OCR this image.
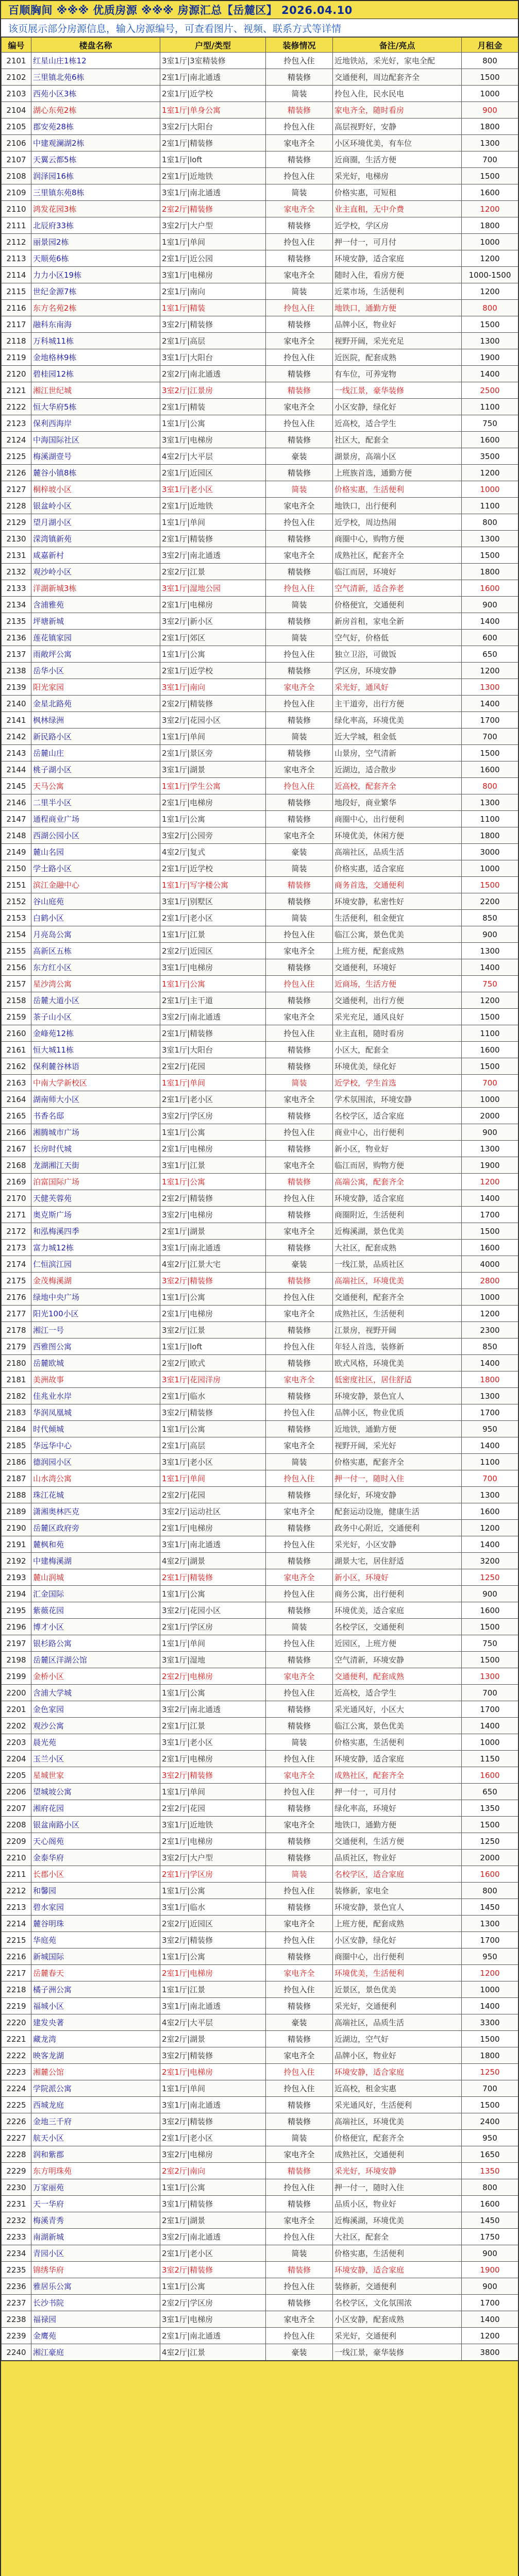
百顺胸间 ※※※ 优质房源 ※※※ 房源汇总【岳麓区】 2026.04.10
该页展示部分房源信息，输入房源编号，可查看图片、视频、联系方式等详情
编号	楼盘名称	户型/类型	装修情况	备注/亮点	月租金
2101	红星山庄1栋12	3室1厅|3室精装修	拎包入住	近地铁站，采光好，家电全配	800
2102	三里镇北苑6栋	2室1厅|南北通透	精装修	交通便利，周边配套齐全	1500
2103	西苑小区3栋	2室1厅|近学校	简装	拎包入住，民水民电	1000
2104	湖心东苑2栋	1室1厅|单身公寓	精装修	家电齐全，随时看房	900
2105	郡安苑28栋	3室2厅|大阳台	拎包入住	高层视野好，安静	1800
2106	中建观澜湖2栋	2室1厅|精装修	家电齐全	小区环境优美，有车位	1300
2107	天翼云都5栋	1室1厅|loft	精装修	近商圈，生活方便	700
2108	润泽园16栋	2室1厅|近地铁	拎包入住	采光好，电梯房	1500
2109	三里镇东苑8栋	3室1厅|南北通透	简装	价格实惠，可短租	1600
2110	鸿发花园3栋	2室2厅|精装修	家电齐全	业主直租，无中介费	1200
2111	北辰府33栋	3室2厅|大户型	精装修	近学校，学区房	1800
2112	丽景园2栋	1室1厅|单间	拎包入住	押一付一，可月付	1000
2113	天顺苑6栋	2室1厅|近公园	精装修	环境安静，适合家庭	1200
2114	力力小区19栋	3室1厅|电梯房	家电齐全	随时入住，看房方便	1000-1500
2115	世纪金源7栋	2室1厅|南向	简装	近菜市场，生活便利	1200
2116	东方名苑2栋	1室1厅|精装	拎包入住	地铁口，通勤方便	800
2117	融科东南海	3室2厅|精装修	精装修	品牌小区，物业好	1500
2118	万科城11栋	2室1厅|高层	家电齐全	视野开阔，采光充足	1300
2119	金地格林9栋	3室1厅|大阳台	拎包入住	近医院，配套成熟	1900
2120	碧桂园12栋	2室2厅|南北通透	精装修	有车位，可养宠物	1400
2121	湘江世纪城	3室2厅|江景房	精装修	一线江景，豪华装修	2500
2122	恒大华府5栋	2室1厅|精装	家电齐全	小区安静，绿化好	1100
2123	保利西海岸	1室1厅|公寓	拎包入住	近高校，适合学生	750
2124	中海国际社区	3室1厅|电梯房	精装修	社区大，配套全	1600
2125	梅溪湖壹号	4室2厅|大平层	豪装	湖景房，高端小区	3500
2126	麓谷小镇8栋	2室1厅|近园区	精装修	上班族首选，通勤方便	1200
2127	桐梓坡小区	3室1厅|老小区	简装	价格实惠，生活便利	1000
2128	银盆岭小区	2室1厅|近地铁	家电齐全	地铁口，出行便利	1100
2129	望月湖小区	1室1厅|单间	拎包入住	近学校，周边热闹	800
2130	溁湾镇新苑	2室1厅|精装修	精装修	商圈中心，购物方便	1300
2131	咸嘉新村	3室2厅|南北通透	家电齐全	成熟社区，配套齐全	1500
2132	观沙岭小区	2室2厅|江景	精装修	临江而居，环境好	1800
2133	洋湖新城3栋	3室1厅|湿地公园	拎包入住	空气清新，适合养老	1600
2134	含浦雅苑	2室1厅|电梯房	简装	价格便宜，交通便利	900
2135	坪塘新城	3室2厅|新小区	精装修	新房首租，家电全新	1400
2136	莲花镇家园	2室1厅|郊区	简装	空气好，价格低	600
2137	雨敞坪公寓	1室1厅|公寓	拎包入住	独立卫浴，可做饭	650
2138	岳华小区	2室1厅|近学校	精装修	学区房，环境安静	1200
2139	阳光家园	3室1厅|南向	家电齐全	采光好，通风好	1300
2140	金星北路苑	2室2厅|精装修	拎包入住	主干道旁，出行方便	1400
2141	枫林绿洲	3室2厅|花园小区	精装修	绿化率高，环境优美	1700
2142	新民路小区	1室1厅|单间	简装	近大学城，租金低	700
2143	岳麓山庄	2室1厅|景区旁	精装修	山景房，空气清新	1500
2144	桃子湖小区	3室1厅|湖景	家电齐全	近湖边，适合散步	1600
2145	天马公寓	1室1厅|学生公寓	拎包入住	近高校，配套齐全	800
2146	二里半小区	2室1厅|电梯房	精装修	地段好，商业繁华	1300
2147	通程商业广场	1室1厅|公寓	精装修	商圈中心，出行便利	1100
2148	西湖公园小区	3室2厅|公园旁	家电齐全	环境优美，休闲方便	1800
2149	麓山名园	4室2厅|复式	豪装	高端社区，品质生活	3000
2150	学士路小区	2室1厅|近学校	简装	价格实惠，适合家庭	1000
2151	滨江金融中心	1室1厅|写字楼公寓	精装修	商务首选，交通便利	1500
2152	谷山庭苑	3室1厅|别墅区	精装修	环境安静，私密性好	2200
2153	白鹤小区	2室1厅|老小区	简装	生活便利，租金便宜	850
2154	月亮岛公寓	1室1厅|江景	拎包入住	临江公寓，景色优美	900
2155	高新区五栋	2室2厅|近园区	家电齐全	上班方便，配套成熟	1300
2156	东方红小区	3室1厅|电梯房	精装修	交通便利，环境好	1400
2157	星沙湾公寓	1室1厅|公寓	拎包入住	近商场，生活方便	750
2158	岳麓大道小区	2室1厅|主干道	精装修	交通便利，出行方便	1200
2159	茶子山小区	3室2厅|南北通透	家电齐全	采光充足，通风良好	1500
2160	金峰苑12栋	2室1厅|精装修	拎包入住	业主直租，随时看房	1100
2161	恒大城11栋	3室1厅|大阳台	精装修	小区大，配套全	1600
2162	保利麓谷林语	2室2厅|花园	精装修	环境优美，绿化好	1500
2163	中南大学新校区	1室1厅|单间	简装	近学校，学生首选	700
2164	湖南师大小区	2室1厅|老小区	家电齐全	学术氛围浓，环境安静	1000
2165	书香名邸	3室2厅|学区房	精装修	名校学区，适合家庭	2000
2166	湘腾城市广场	1室1厅|公寓	拎包入住	商业中心，出行便利	900
2167	长房时代城	2室1厅|电梯房	精装修	新小区，物业好	1300
2168	龙湖湘江天街	3室1厅|江景	家电齐全	临江而居，购物方便	1900
2169	泊富国际广场	1室1厅|公寓	精装修	高端公寓，配套齐全	1200
2170	天健芙蓉苑	2室2厅|精装修	拎包入住	环境安静，适合家庭	1400
2171	奥克斯广场	3室2厅|电梯房	精装修	商圈附近，生活便利	1700
2172	和泓梅溪四季	2室1厅|湖景	家电齐全	近梅溪湖，景色优美	1500
2173	富力城12栋	3室1厅|南北通透	精装修	大社区，配套成熟	1600
2174	仁恒滨江园	4室2厅|江景大宅	豪装	一线江景，品质社区	4000
2175	金茂梅溪湖	3室2厅|精装修	精装修	高端社区，环境优美	2800
2176	绿地中央广场	1室1厅|公寓	拎包入住	交通便利，配套齐全	1000
2177	阳光100小区	2室1厅|电梯房	家电齐全	成熟社区，生活便利	1200
2178	湘江一号	3室2厅|江景	精装修	江景房，视野开阔	2300
2179	西雅图公寓	1室1厅|loft	拎包入住	年轻人首选，装修新	850
2180	岳麓欧城	2室2厅|欧式	精装修	欧式风格，环境优美	1400
2181	美洲故事	3室1厅|花园洋房	家电齐全	低密度社区，居住舒适	1800
2182	佳兆业水岸	2室1厅|临水	精装修	环境安静，景色宜人	1300
2183	华润凤凰城	3室2厅|精装修	拎包入住	品牌小区，物业优质	1700
2184	时代倾城	1室1厅|公寓	精装修	近地铁，通勤方便	950
2185	华远华中心	2室1厅|高层	家电齐全	视野开阔，采光好	1400
2186	德润园小区	3室1厅|老小区	简装	价格实惠，配套齐全	1100
2187	山水湾公寓	1室1厅|单间	拎包入住	押一付一，随时入住	700
2188	珠江花城	2室2厅|花园	精装修	绿化好，环境安静	1300
2189	潇湘奥林匹克	3室2厅|运动社区	家电齐全	配套运动设施，健康生活	1600
2190	岳麓区政府旁	2室1厅|电梯房	精装修	政务中心附近，交通便利	1200
2191	麓枫和苑	3室1厅|南北通透	拎包入住	采光好，小区安静	1400
2192	中建梅溪湖	4室2厅|湖景	精装修	湖景大宅，居住舒适	3200
2193	麓山润城	2室1厅|精装修	家电齐全	新小区，环境好	1250
2194	汇金国际	1室1厅|公寓	拎包入住	商务公寓，出行便利	900
2195	紫薇花园	3室2厅|花园小区	精装修	环境优美，适合家庭	1600
2196	博才小区	2室1厅|学区房	简装	名校学区，交通便利	1500
2197	银杉路公寓	1室1厅|单间	拎包入住	近园区，上班方便	750
2198	岳麓区洋湖公馆	3室1厅|湿地	精装修	空气清新，环境安静	1500
2199	金桥小区	2室2厅|电梯房	家电齐全	交通便利，配套成熟	1300
2200	含浦大学城	1室1厅|公寓	拎包入住	近高校，适合学生	700
2201	金色家园	3室2厅|南北通透	精装修	采光通风好，小区大	1700
2202	观沙公寓	2室1厅|江景	精装修	临江公寓，景色优美	1400
2203	晨光苑	3室1厅|老小区	简装	价格实惠，生活便利	1000
2204	玉兰小区	2室1厅|电梯房	拎包入住	环境安静，适合家庭	1150
2205	星城世家	3室2厅|精装修	家电齐全	成熟社区，配套齐全	1600
2206	望城坡公寓	1室1厅|单间	拎包入住	押一付一，可月付	650
2207	湘府花园	2室2厅|花园	精装修	绿化率高，环境好	1350
2208	银盆南路小区	3室1厅|近地铁	家电齐全	地铁口，通勤方便	1500
2209	天心阁苑	2室1厅|电梯房	精装修	交通便利，生活方便	1250
2210	金泰华府	3室2厅|大户型	精装修	品质社区，物业好	2000
2211	长郡小区	2室1厅|学区房	简装	名校学区，适合家庭	1600
2212	和馨园	1室1厅|公寓	拎包入住	装修新，家电全	800
2213	碧水家园	3室1厅|临水	精装修	环境安静，景色宜人	1450
2214	麓谷明珠	2室2厅|近园区	家电齐全	上班方便，配套成熟	1300
2215	华庭苑	3室2厅|精装修	拎包入住	小区安静，绿化好	1700
2216	新城国际	1室1厅|公寓	精装修	商圈中心，出行便利	950
2217	岳麓春天	2室1厅|电梯房	家电齐全	环境优美，生活便利	1200
2218	橘子洲公寓	1室1厅|江景	拎包入住	近景区，景色优美	1000
2219	福城小区	3室1厅|南北通透	精装修	采光好，交通便利	1400
2220	建发央著	4室2厅|大平层	豪装	高端社区，品质生活	3300
2221	藏龙湾	2室2厅|湖景	精装修	近湖边，空气好	1500
2222	映客龙湖	3室2厅|精装修	家电齐全	品牌小区，物业好	1800
2223	湘麓公馆	2室1厅|电梯房	拎包入住	环境安静，适合家庭	1250
2224	学院派公寓	1室1厅|单间	拎包入住	近高校，租金实惠	700
2225	西城龙庭	3室1厅|南北通透	精装修	采光通风好，生活便利	1500
2226	金地三千府	3室2厅|精装修	精装修	高端社区，环境优美	2400
2227	航天小区	2室1厅|老小区	简装	价格便宜，配套齐全	950
2228	润和紫郡	3室2厅|电梯房	家电齐全	成熟社区，交通便利	1650
2229	东方明珠苑	2室2厅|南向	精装修	采光好，环境安静	1350
2230	万家丽苑	1室1厅|公寓	拎包入住	押一付一，随时入住	800
2231	天一华府	3室1厅|精装修	精装修	品质小区，物业好	1600
2232	梅溪青秀	2室1厅|湖景	家电齐全	近梅溪湖，环境优美	1450
2233	南湖新城	3室2厅|南北通透	拎包入住	大社区，配套全	1750
2234	青园小区	2室1厅|老小区	简装	价格实惠，生活便利	900
2235	锦绣华府	3室2厅|精装修	精装修	环境安静，适合家庭	1900
2236	雅居乐公寓	1室1厅|公寓	拎包入住	装修新，交通便利	900
2237	长沙书院	2室2厅|学区房	精装修	名校学区，文化氛围浓	1700
2238	福禄园	3室1厅|电梯房	家电齐全	小区安静，配套成熟	1400
2239	金鹰苑	2室1厅|南北通透	拎包入住	采光好，交通便利	1200
2240	湘江豪庭	4室2厅|江景	豪装	一线江景，豪华装修	3800
